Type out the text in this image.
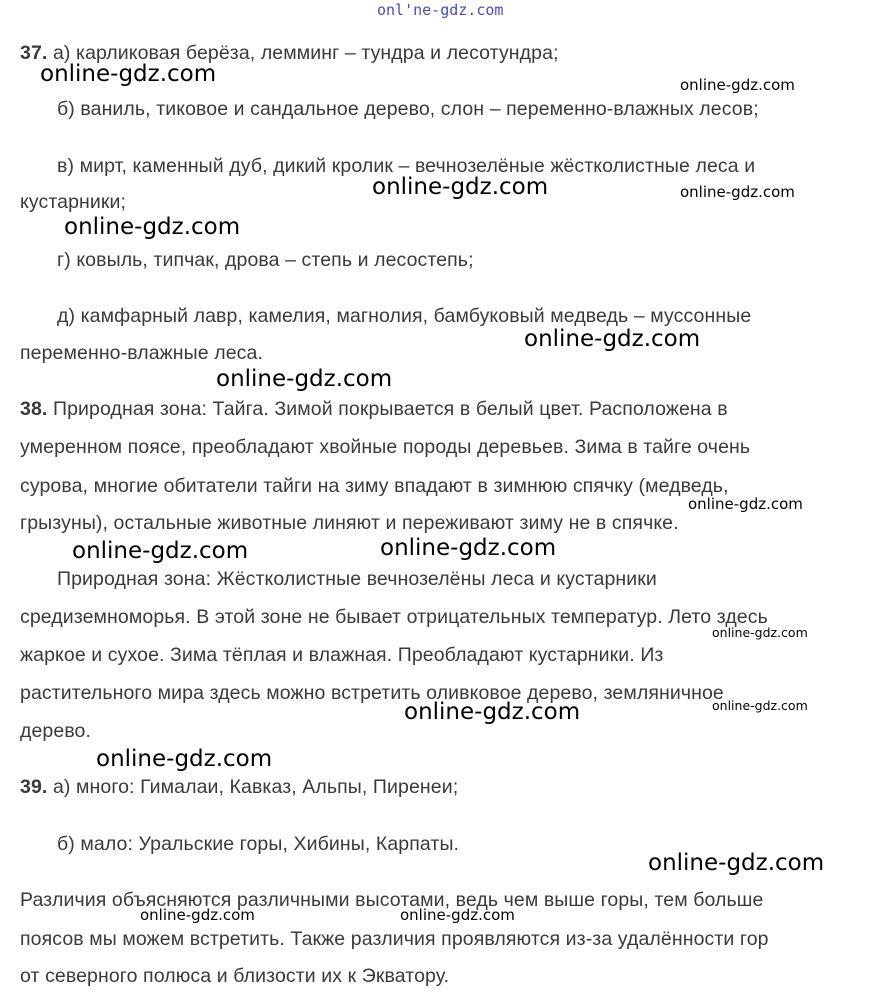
onl'ne-gdz.com
37. а) карликовая берёза, лемминг – тундра и лесотундра;
б) ваниль, тиковое и сандальное дерево, слон – переменно-влажных лесов;
в) мирт, каменный дуб, дикий кролик – вечнозелёные жёстколистные леса и
кустарники;
г) ковыль, типчак, дрова – степь и лесостепь;
д) камфарный лавр, камелия, магнолия, бамбуковый медведь – муссонные
переменно-влажные леса.
38. Природная зона: Тайга. Зимой покрывается в белый цвет. Расположена в
умеренном поясе, преобладают хвойные породы деревьев. Зима в тайге очень
сурова, многие обитатели тайги на зиму впадают в зимнюю спячку (медведь,
грызуны), остальные животные линяют и переживают зиму не в спячке.
Природная зона: Жёстколистные вечнозелёны леса и кустарники
средиземноморья. В этой зоне не бывает отрицательных температур. Лето здесь
жаркое и сухое. Зима тёплая и влажная. Преобладают кустарники. Из
растительного мира здесь можно встретить оливковое дерево, земляничное
дерево.
39. а) много: Гималаи, Кавказ, Альпы, Пиренеи;
б) мало: Уральские горы, Хибины, Карпаты.
Различия объясняются различными высотами, ведь чем выше горы, тем больше
поясов мы можем встретить. Также различия проявляются из-за удалённости гор
от северного полюса и близости их к Экватору.
online-gdz.com	online-gdz.com
online-gdz.com	online-gdz.com
online-gdz.com
online-gdz.com
online-gdz.com
online-gdz.com
online-gdz.com
online-gdz.com
online-gdz.com
online-gdz.com
online-gdz.com
online-gdz.com
online-gdz.com
online-gdz.com	online-gdz.com
